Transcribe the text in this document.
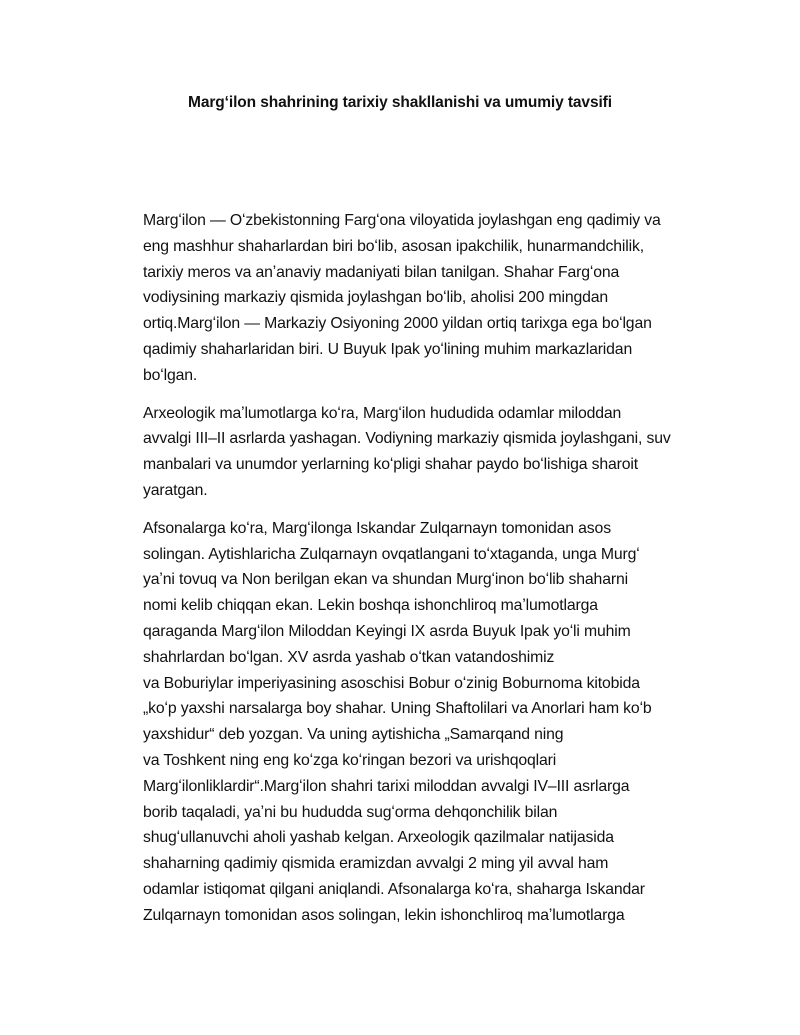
Margʻilon shahrining tarixiy shakllanishi va umumiy tavsifi

Margʻilon — Oʻzbekistonning Fargʻona viloyatida joylashgan eng qadimiy va
eng mashhur shaharlardan biri boʻlib, asosan ipakchilik, hunarmandchilik,
tarixiy meros va anʼanaviy madaniyati bilan tanilgan. Shahar Fargʻona
vodiysining markaziy qismida joylashgan boʻlib, aholisi 200 mingdan
ortiq.Margʻilon — Markaziy Osiyoning 2000 yildan ortiq tarixga ega boʻlgan
qadimiy shaharlaridan biri. U Buyuk Ipak yoʻlining muhim markazlaridan
boʻlgan.

Arxeologik maʼlumotlarga koʻra, Margʻilon hududida odamlar miloddan
avvalgi III–II asrlarda yashagan. Vodiyning markaziy qismida joylashgani, suv
manbalari va unumdor yerlarning koʻpligi shahar paydo boʻlishiga sharoit
yaratgan.

Afsonalarga koʻra, Margʻilonga Iskandar Zulqarnayn tomonidan asos
solingan. Aytishlaricha Zulqarnayn ovqatlangani toʻxtaganda, unga Murgʻ
yaʼni tovuq va Non berilgan ekan va shundan Murgʻinon boʻlib shaharni
nomi kelib chiqqan ekan. Lekin boshqa ishonchliroq maʼlumotlarga
qaraganda Margʻilon Miloddan Keyingi IX asrda Buyuk Ipak yoʻli muhim
shahrlardan boʻlgan. XV asrda yashab oʻtkan vatandoshimiz
va Boburiylar imperiyasining asoschisi Bobur oʻzinig Boburnoma kitobida
„koʻp yaxshi narsalarga boy shahar. Uning Shaftolilari va Anorlari ham koʻb
yaxshidur“ deb yozgan. Va uning aytishicha „Samarqand ning
va Toshkent ning eng koʻzga koʻringan bezori va urishqoqlari
Margʻilonliklardir“.Margʻilon shahri tarixi miloddan avvalgi IV–III asrlarga
borib taqaladi, yaʼni bu hududda sugʻorma dehqonchilik bilan
shugʻullanuvchi aholi yashab kelgan. Arxeologik qazilmalar natijasida
shaharning qadimiy qismida eramizdan avvalgi 2 ming yil avval ham
odamlar istiqomat qilgani aniqlandi. Afsonalarga koʻra, shaharga Iskandar
Zulqarnayn tomonidan asos solingan, lekin ishonchliroq maʼlumotlarga
